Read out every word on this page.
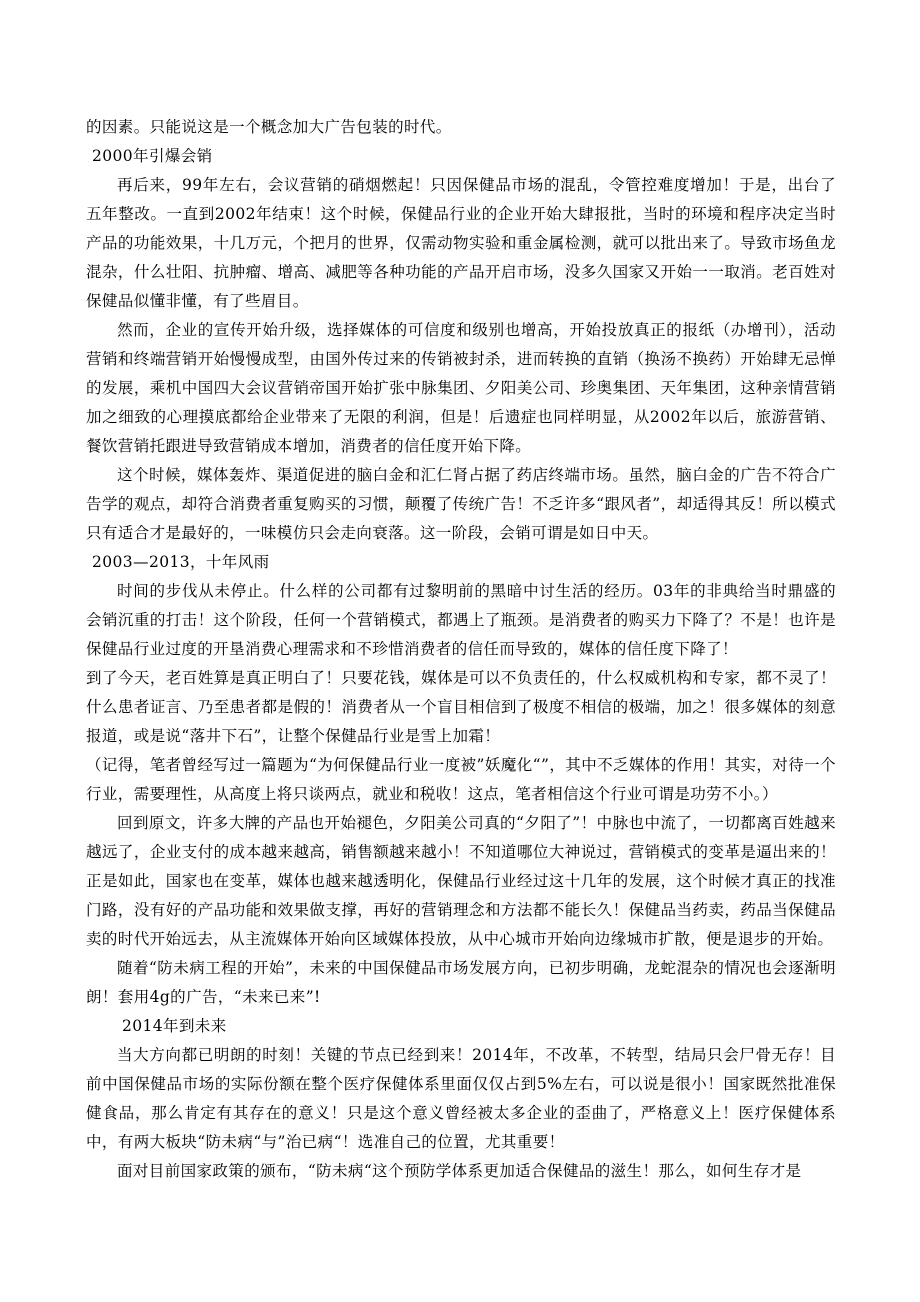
的因素。只能说这是一个概念加大广告包装的时代。

2000年引爆会销

再后来，99年左右，会议营销的硝烟燃起！只因保健品市场的混乱，令管控难度增加！于是，出台了五年整改。一直到2002年结束！这个时候，保健品行业的企业开始大肆报批，当时的环境和程序决定当时产品的功能效果，十几万元，个把月的世界，仅需动物实验和重金属检测，就可以批出来了。导致市场鱼龙混杂，什么壮阳、抗肿瘤、增高、减肥等各种功能的产品开启市场，没多久国家又开始一一取消。老百姓对保健品似懂非懂，有了些眉目。

然而，企业的宣传开始升级，选择媒体的可信度和级别也增高，开始投放真正的报纸（办增刊），活动营销和终端营销开始慢慢成型，由国外传过来的传销被封杀，进而转换的直销（换汤不换药）开始肆无忌惮的发展，乘机中国四大会议营销帝国开始扩张中脉集团、夕阳美公司、珍奥集团、天年集团，这种亲情营销加之细致的心理摸底都给企业带来了无限的利润，但是！后遗症也同样明显，从2002年以后，旅游营销、餐饮营销托跟进导致营销成本增加，消费者的信任度开始下降。

这个时候，媒体轰炸、渠道促进的脑白金和汇仁肾占据了药店终端市场。虽然，脑白金的广告不符合广告学的观点，却符合消费者重复购买的习惯，颠覆了传统广告！不乏许多“跟风者”，却适得其反！所以模式只有适合才是最好的，一味模仿只会走向衰落。这一阶段，会销可谓是如日中天。

2003—2013，十年风雨

时间的步伐从未停止。什么样的公司都有过黎明前的黑暗中讨生活的经历。03年的非典给当时鼎盛的会销沉重的打击！这个阶段，任何一个营销模式，都遇上了瓶颈。是消费者的购买力下降了？不是！也许是保健品行业过度的开垦消费心理需求和不珍惜消费者的信任而导致的，媒体的信任度下降了！

到了今天，老百姓算是真正明白了！只要花钱，媒体是可以不负责任的，什么权威机构和专家，都不灵了！什么患者证言、乃至患者都是假的！消费者从一个盲目相信到了极度不相信的极端，加之！很多媒体的刻意报道，或是说“落井下石”，让整个保健品行业是雪上加霜！

（记得，笔者曾经写过一篇题为“为何保健品行业一度被”妖魔化“”，其中不乏媒体的作用！其实，对待一个行业，需要理性，从高度上将只谈两点，就业和税收！这点，笔者相信这个行业可谓是功劳不小。）

回到原文，许多大牌的产品也开始褪色，夕阳美公司真的“夕阳了”！中脉也中流了，一切都离百姓越来越远了，企业支付的成本越来越高，销售额越来越小！不知道哪位大神说过，营销模式的变革是逼出来的！正是如此，国家也在变革，媒体也越来越透明化，保健品行业经过这十几年的发展，这个时候才真正的找准门路，没有好的产品功能和效果做支撑，再好的营销理念和方法都不能长久！保健品当药卖，药品当保健品卖的时代开始远去，从主流媒体开始向区域媒体投放，从中心城市开始向边缘城市扩散，便是退步的开始。

随着“防未病工程的开始”，未来的中国保健品市场发展方向，已初步明确，龙蛇混杂的情况也会逐渐明朗！套用4g的广告，“未来已来”!

2014年到未来

当大方向都已明朗的时刻！关键的节点已经到来！2014年，不改革，不转型，结局只会尸骨无存！目前中国保健品市场的实际份额在整个医疗保健体系里面仅仅占到5%左右，可以说是很小！国家既然批准保健食品，那么肯定有其存在的意义！只是这个意义曾经被太多企业的歪曲了，严格意义上！医疗保健体系中，有两大板块“防未病“与”治已病“！选准自己的位置，尤其重要！

面对目前国家政策的颁布，“防未病“这个预防学体系更加适合保健品的滋生！那么，如何生存才是
